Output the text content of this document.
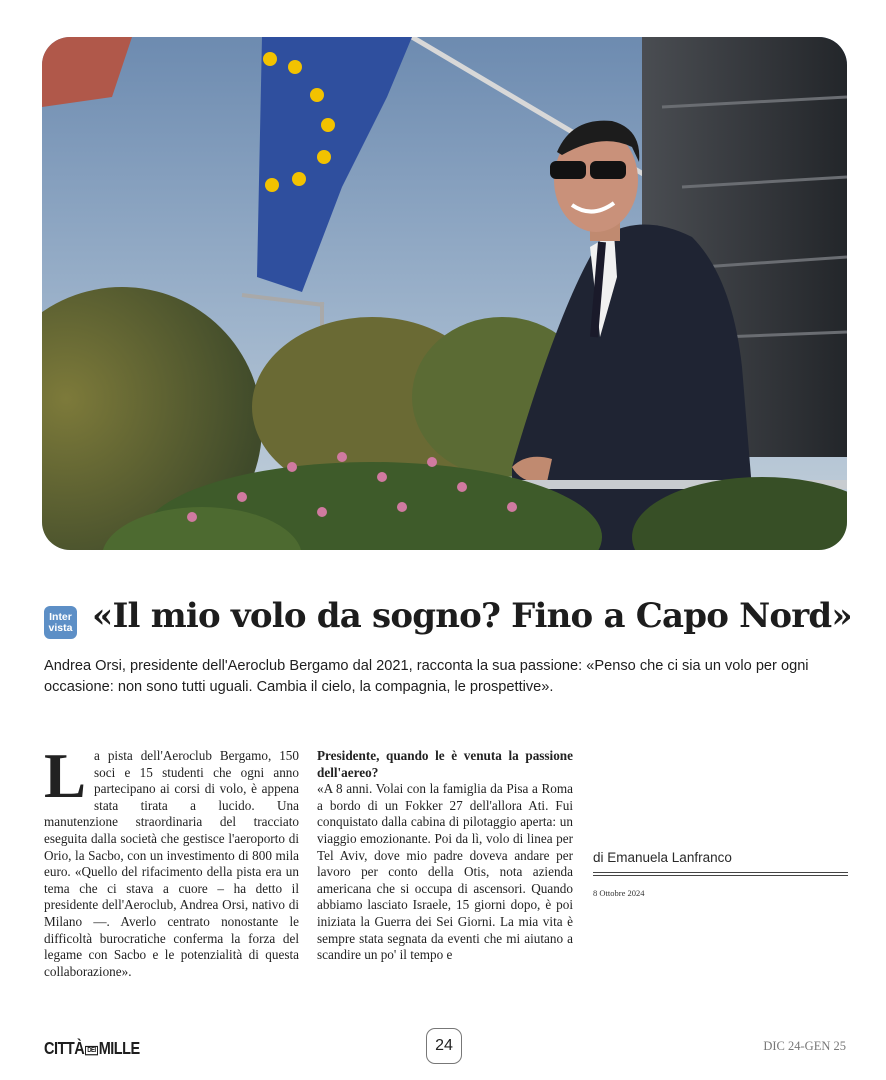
Inter
vista «Il mio volo da sogno? Fino a Capo Nord»

Andrea Orsi, presidente dell'Aeroclub Bergamo dal 2021, racconta la sua passione: «Penso che ci sia un volo per ogni occasione: non sono tutti uguali. Cambia il cielo, la compagnia, le prospettive».

L a pista dell'Aeroclub Bergamo, 150 soci e 15 studenti che ogni anno partecipano ai corsi di volo, è appena stata tirata a lucido. Una manutenzione straordinaria del tracciato eseguita dalla società che gestisce l'aeroporto di Orio, la Sacbo, con un investimento di 800 mila euro. «Quello del rifacimento della pista era un tema che ci stava a cuore – ha detto il presidente dell'Aeroclub, Andrea Orsi, nativo di Milano —. Averlo centrato nonostante le difficoltà burocratiche conferma la forza del legame con Sacbo e le potenzialità di questa collaborazione».

Presidente, quando le è venuta la passione dell'aereo?

«A 8 anni. Volai con la famiglia da Pisa a Roma a bordo di un Fokker 27 dell'allora Ati. Fui conquistato dalla cabina di pilotaggio aperta: un viaggio emozionante. Poi da lì, volo di linea per Tel Aviv, dove mio padre doveva andare per lavoro per conto della Otis, nota azienda americana che si occupa di ascensori. Quando abbiamo lasciato Israele, 15 giorni dopo, è poi iniziata la Guerra dei Sei Giorni. La mia vita è sempre stata segnata da eventi che mi aiutano a scandire un po' il tempo e

di Emanuela Lanfranco
8 Ottobre 2024
CITTÀ DEI MILLE	24	DIC 24-GEN 25
